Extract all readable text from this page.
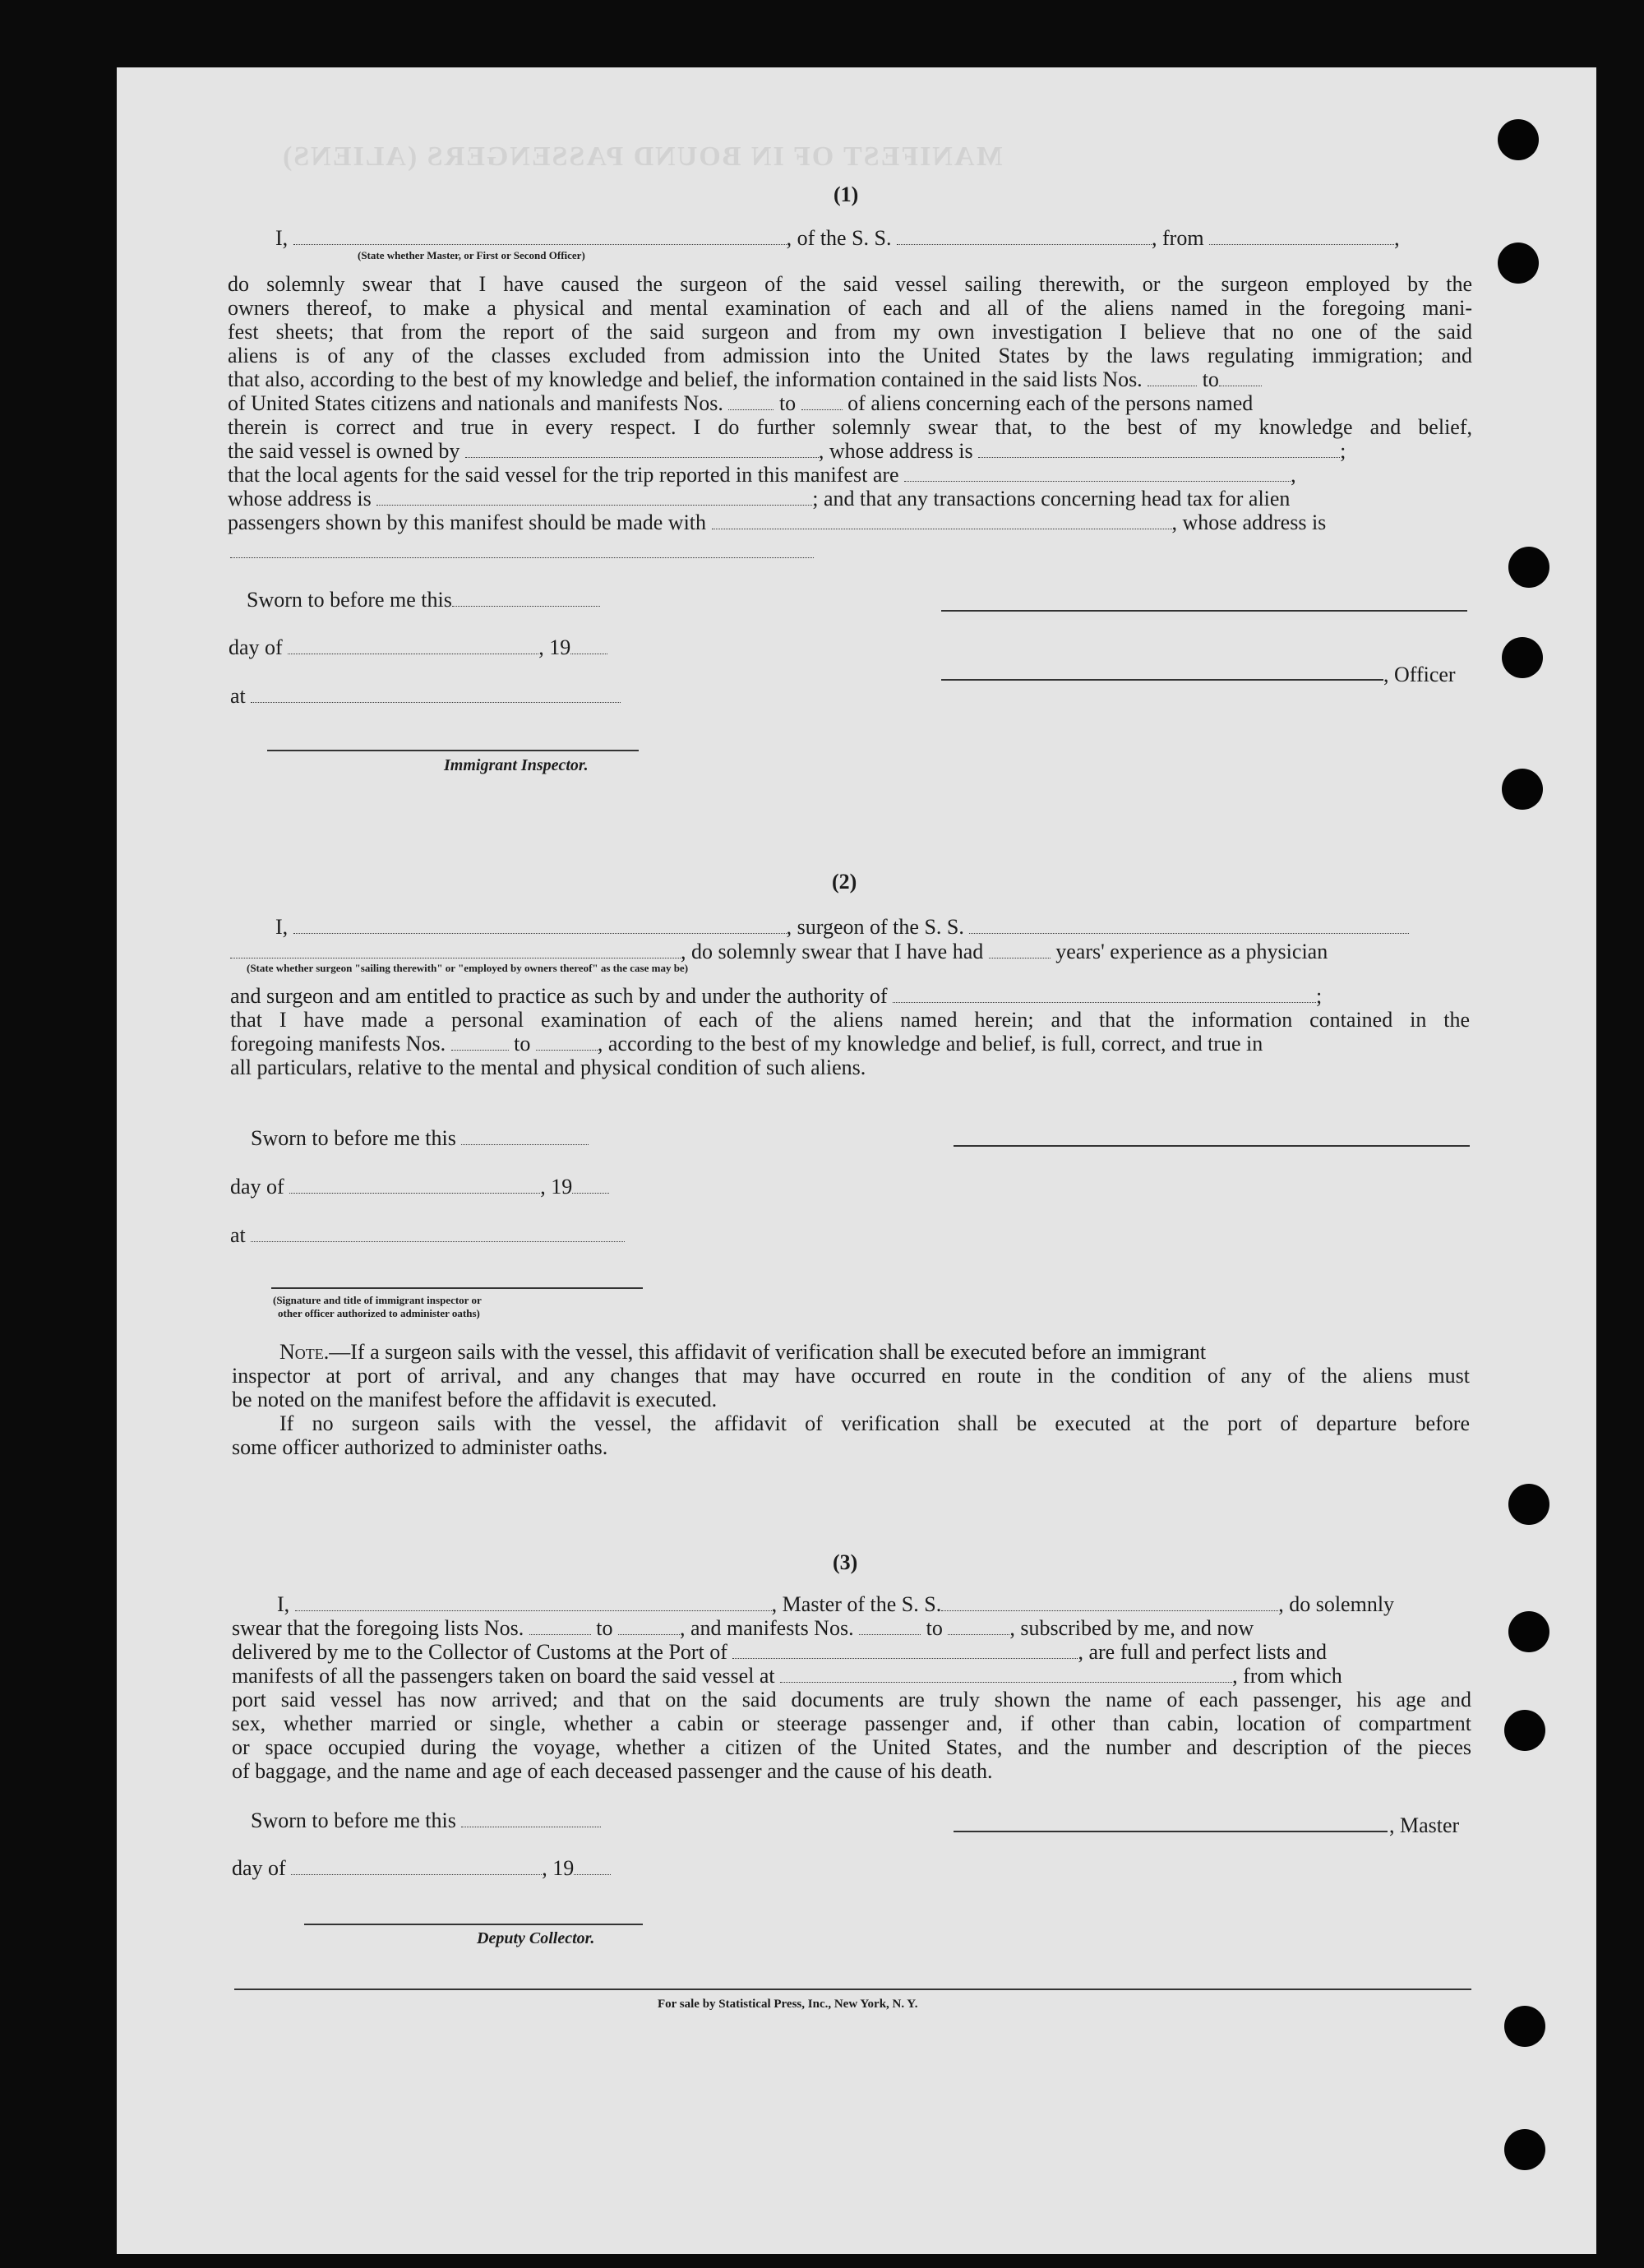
MANIFEST OF IN BOUND PASSENGERS (ALIENS)
(1)
I,	, of the S. S.	, from	,
(State whether Master, or First or Second Officer)
do solemnly swear that I have caused the surgeon of the said vessel sailing therewith, or the surgeon employed by the
owners thereof, to make a physical and mental examination of each and all of the aliens named in the foregoing mani-
fest sheets; that from the report of the said surgeon and from my own investigation I believe that no one of the said
aliens is of any of the classes excluded from admission into the United States by the laws regulating immigration; and
that also, according to the best of my knowledge and belief, the information contained in the said lists Nos.	to
of United States citizens and nationals and manifests Nos.	to of aliens concerning each of the persons named
therein is correct and true in every respect. I do further solemnly swear that, to the best of my knowledge and belief,
the said vessel is owned by	, whose address is	;
that the local agents for the said vessel for the trip reported in this manifest are	,
whose address is	; and that any transactions concerning head tax for alien
passengers shown by this manifest should be made with	, whose address is
Sworn to before me this
day of	, 19
at
Immigrant Inspector.
, Officer
(2)
I,	, surgeon of the S. S.
, do solemnly swear that I have had	years' experience as a physician
(State whether surgeon "sailing therewith" or "employed by owners thereof" as the case may be)
and surgeon and am entitled to practice as such by and under the authority of	;
that I have made a personal examination of each of the aliens named herein; and that the information contained in the
foregoing manifests Nos.	to	, according to the best of my knowledge and belief, is full, correct, and true in
all particulars, relative to the mental and physical condition of such aliens.
Sworn to before me this
day of	, 19
at
(Signature and title of immigrant inspector or
other officer authorized to administer oaths)
Note.—If a surgeon sails with the vessel, this affidavit of verification shall be executed before an immigrant
inspector at port of arrival, and any changes that may have occurred en route in the condition of any of the aliens must
be noted on the manifest before the affidavit is executed.
If no surgeon sails with the vessel, the affidavit of verification shall be executed at the port of departure before
some officer authorized to administer oaths.
(3)
I,	, Master of the S. S.	, do solemnly
swear that the foregoing lists Nos.	to	, and manifests Nos.	to	, subscribed by me, and now
delivered by me to the Collector of Customs at the Port of	, are full and perfect lists and
manifests of all the passengers taken on board the said vessel at	, from which
port said vessel has now arrived; and that on the said documents are truly shown the name of each passenger, his age and
sex, whether married or single, whether a cabin or steerage passenger and, if other than cabin, location of compartment
or space occupied during the voyage, whether a citizen of the United States, and the number and description of the pieces
of baggage, and the name and age of each deceased passenger and the cause of his death.
Sworn to before me this	, Master
day of	, 19
Deputy Collector.
For sale by Statistical Press, Inc., New York, N. Y.
